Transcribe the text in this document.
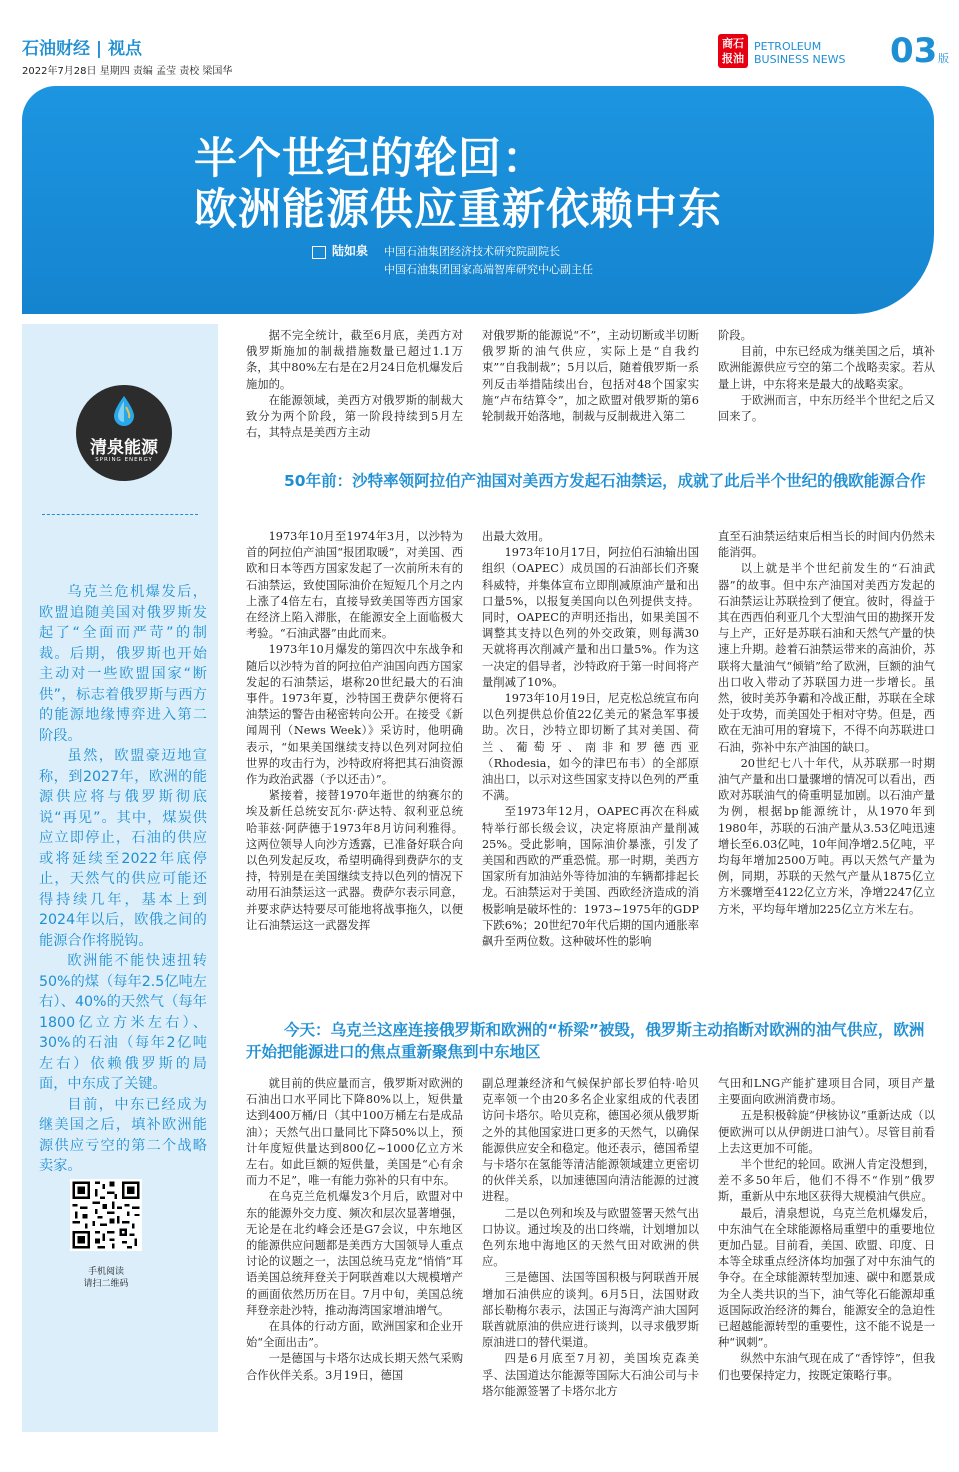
石油财经 | 视点
2022年7月28日 星期四 责编 孟莹 责校 梁国华
商石报油
PETROLEUM
BUSINESS NEWS 03 版
半个世纪的轮回：
欧洲能源供应重新依赖中东
陆如泉 中国石油集团经济技术研究院副院长
中国石油集团国家高端智库研究中心副主任
清泉能源
SPRING ENERGY

乌克兰危机爆发后，欧盟追随美国对俄罗斯发起了“全面而严苛”的制裁。后期，俄罗斯也开始主动对一些欧盟国家“断供”，标志着俄罗斯与西方的能源地缘博弈进入第二阶段。

虽然，欧盟豪迈地宣称，到2027年，欧洲的能源供应将与俄罗斯彻底说“再见”。其中，煤炭供应立即停止，石油的供应或将延续至2022年底停止，天然气的供应可能还得持续几年，基本上到2024年以后，欧俄之间的能源合作将脱钩。

欧洲能不能快速扭转50%的煤（每年2.5亿吨左右）、40%的天然气（每年1800亿立方米左右）、30%的石油（每年2亿吨左右）依赖俄罗斯的局面，中东成了关键。

目前，中东已经成为继美国之后，填补欧洲能源供应亏空的第二个战略卖家。

手机阅读
请扫二维码

据不完全统计，截至6月底，美西方对俄罗斯施加的制裁措施数量已超过1.1万条，其中80%左右是在2月24日危机爆发后施加的。

在能源领域，美西方对俄罗斯的制裁大致分为两个阶段，第一阶段持续到5月左右，其特点是美西方主动

对俄罗斯的能源说“不”，主动切断或半切断俄罗斯的油气供应，实际上是“自我约束”“自我制裁”；5月以后，随着俄罗斯一系列反击举措陆续出台，包括对48个国家实施“卢布结算令”，加之欧盟对俄罗斯的第6轮制裁开始落地，制裁与反制裁进入第二

阶段。

目前，中东已经成为继美国之后，填补欧洲能源供应亏空的第二个战略卖家。若从量上讲，中东将来是最大的战略卖家。

于欧洲而言，中东历经半个世纪之后又回来了。

50年前：沙特率领阿拉伯产油国对美西方发起石油禁运，成就了此后半个世纪的俄欧能源合作

1973年10月至1974年3月，以沙特为首的阿拉伯产油国“报团取暖”，对美国、西欧和日本等西方国家发起了一次前所未有的石油禁运，致使国际油价在短短几个月之内上涨了4倍左右，直接导致美国等西方国家在经济上陷入滞胀，在能源安全上面临极大考验。“石油武器”由此而来。

1973年10月爆发的第四次中东战争和随后以沙特为首的阿拉伯产油国向西方国家发起的石油禁运，堪称20世纪最大的石油事件。1973年夏，沙特国王费萨尔便将石油禁运的警告由秘密转向公开。在接受《新闻周刊（News Week）》采访时，他明确表示，“如果美国继续支持以色列对阿拉伯世界的攻击行为，沙特政府将把其石油资源作为政治武器（予以还击）”。

紧接着，接替1970年逝世的纳赛尔的埃及新任总统安瓦尔·萨达特、叙利亚总统哈菲兹·阿萨德于1973年8月访问利雅得。这两位领导人向沙方透露，已准备好联合向以色列发起反攻，希望明确得到费萨尔的支持，特别是在美国继续支持以色列的情况下动用石油禁运这一武器。费萨尔表示同意，并要求萨达特要尽可能地将战事拖久，以便让石油禁运这一武器发挥

出最大效用。

1973年10月17日，阿拉伯石油输出国组织（OAPEC）成员国的石油部长们齐聚科威特，并集体宣布立即削减原油产量和出口量5%，以报复美国向以色列提供支持。同时，OAPEC的声明还指出，如果美国不调整其支持以色列的外交政策，则每满30天就将再次削减产量和出口量5%。作为这一决定的倡导者，沙特政府于第一时间将产量削减了10%。

1973年10月19日，尼克松总统宣布向以色列提供总价值22亿美元的紧急军事援助。次日，沙特立即切断了其对美国、荷兰、葡萄牙、南非和罗德西亚（Rhodesia，如今的津巴布韦）的全部原油出口，以示对这些国家支持以色列的严重不满。

至1973年12月，OAPEC再次在科威特举行部长级会议，决定将原油产量削减25%。受此影响，国际油价暴涨，引发了美国和西欧的严重恐慌。那一时期，美西方国家所有加油站外等待加油的车辆都排起长龙。石油禁运对于美国、西欧经济造成的消极影响是破坏性的：1973~1975年的GDP下跌6%；20世纪70年代后期的国内通胀率飙升至两位数。这种破坏性的影响

直至石油禁运结束后相当长的时间内仍然未能消弭。

以上就是半个世纪前发生的“石油武器”的故事。但中东产油国对美西方发起的石油禁运让苏联捡到了便宜。彼时，得益于其在西西伯利亚几个大型油气田的勘探开发与上产，正好是苏联石油和天然气产量的快速上升期。趁着石油禁运带来的高油价，苏联将大量油气“倾销”给了欧洲，巨额的油气出口收入带动了苏联国力进一步增长。虽然，彼时美苏争霸和冷战正酣，苏联在全球处于攻势，而美国处于相对守势。但是，西欧在无油可用的窘境下，不得不向苏联进口石油，弥补中东产油国的缺口。

20世纪七八十年代，从苏联那一时期油气产量和出口量骤增的情况可以看出，西欧对苏联油气的倚重明显加剧。以石油产量为例，根据bp能源统计，从1970年到1980年，苏联的石油产量从3.53亿吨迅速增长至6.03亿吨，10年间净增2.5亿吨，平均每年增加2500万吨。再以天然气产量为例，同期，苏联的天然气产量从1875亿立方米骤增至4122亿立方米，净增2247亿立方米，平均每年增加225亿立方米左右。

今天：乌克兰这座连接俄罗斯和欧洲的“桥梁”被毁，俄罗斯主动掐断对欧洲的油气供应，欧洲开始把能源进口的焦点重新聚焦到中东地区

就目前的供应量而言，俄罗斯对欧洲的石油出口水平同比下降80%以上，短供量达到400万桶/日（其中100万桶左右是成品油）；天然气出口量同比下降50%以上，预计年度短供量达到800亿~1000亿立方米左右。如此巨额的短供量，美国是“心有余而力不足”，唯一有能力弥补的只有中东。

在乌克兰危机爆发3个月后，欧盟对中东的能源外交力度、频次和层次显著增强，无论是在北约峰会还是G7会议，中东地区的能源供应问题都是美西方大国领导人重点讨论的议题之一，法国总统马克龙“悄悄”耳语美国总统拜登关于阿联酋难以大规模增产的画面依然历历在目。7月中旬，美国总统拜登亲赴沙特，推动海湾国家增油增气。

在具体的行动方面，欧洲国家和企业开始“全面出击”。

一是德国与卡塔尔达成长期天然气采购合作伙伴关系。3月19日，德国

副总理兼经济和气候保护部长罗伯特·哈贝克率领一个由20多名企业家组成的代表团访问卡塔尔。哈贝克称，德国必须从俄罗斯之外的其他国家进口更多的天然气，以确保能源供应安全和稳定。他还表示，德国希望与卡塔尔在氢能等清洁能源领域建立更密切的伙伴关系，以加速德国向清洁能源的过渡进程。

二是以色列和埃及与欧盟签署天然气出口协议。通过埃及的出口终端，计划增加以色列东地中海地区的天然气田对欧洲的供应。

三是德国、法国等国积极与阿联酋开展增加石油供应的谈判。6月5日，法国财政部长勒梅尔表示，法国正与海湾产油大国阿联酋就原油的供应进行谈判，以寻求俄罗斯原油进口的替代渠道。

四是6月底至7月初，美国埃克森美孚、法国道达尔能源等国际大石油公司与卡塔尔能源签署了卡塔尔北方

气田和LNG产能扩建项目合同，项目产量主要面向欧洲消费市场。

五是积极斡旋“伊核协议”重新达成（以便欧洲可以从伊朗进口油气）。尽管目前看上去这更加不可能。

半个世纪的轮回。欧洲人肯定没想到，差不多50年后，他们不得不“作别”俄罗斯，重新从中东地区获得大规模油气供应。

最后，清泉想说，乌克兰危机爆发后，中东油气在全球能源格局重塑中的重要地位更加凸显。目前看，美国、欧盟、印度、日本等全球重点经济体均加强了对中东油气的争夺。在全球能源转型加速、碳中和愿景成为全人类共识的当下，油气等化石能源却重返国际政治经济的舞台，能源安全的急迫性已超越能源转型的重要性，这不能不说是一种“讽刺”。

纵然中东油气现在成了“香饽饽”，但我们也要保持定力，按既定策略行事。
